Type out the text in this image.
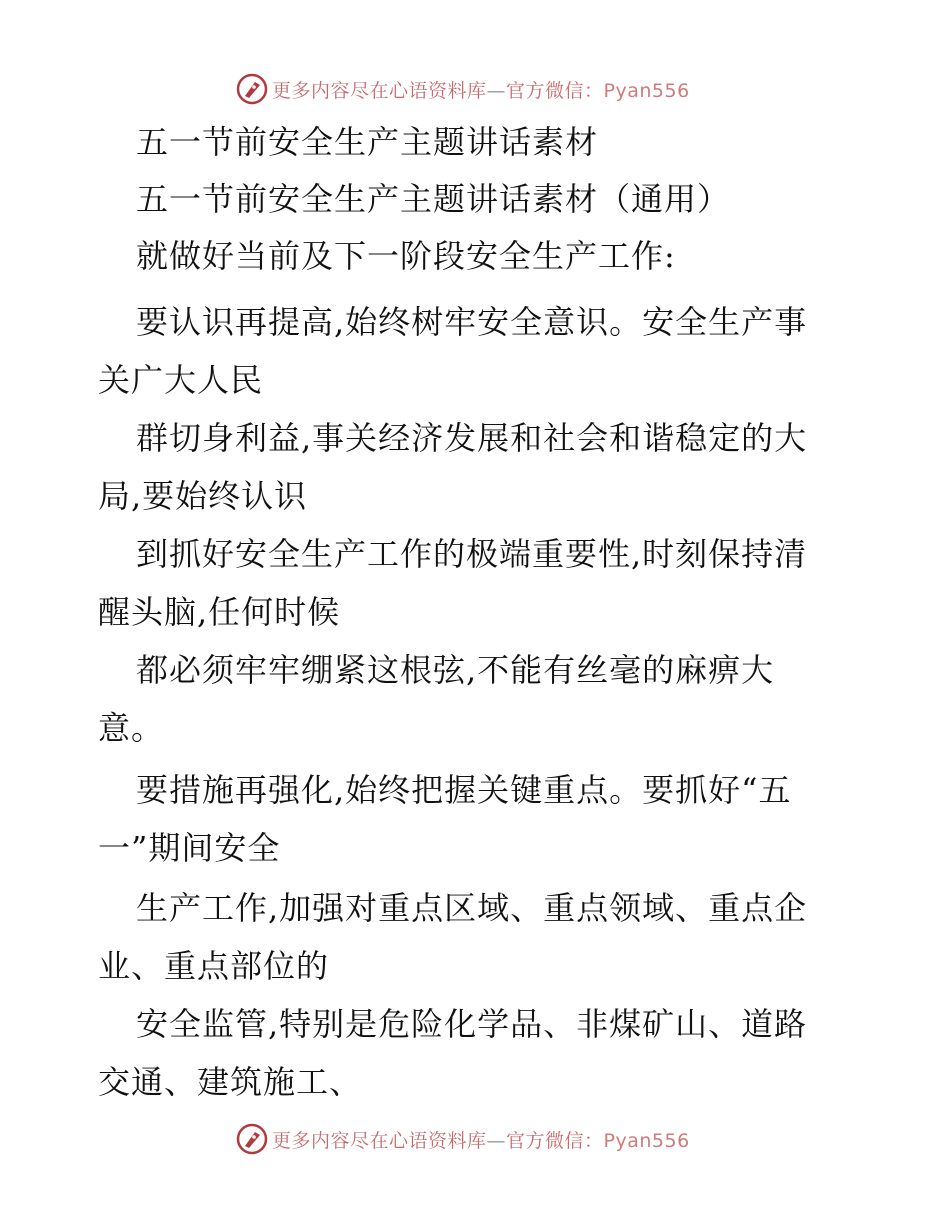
更多内容尽在心语资料库—官方微信：Pyan556
五一节前安全生产主题讲话素材
五一节前安全生产主题讲话素材（通用）
就做好当前及下一阶段安全生产工作:
要认识再提高,始终树牢安全意识。安全生产事
关广大人民
群切身利益,事关经济发展和社会和谐稳定的大
局,要始终认识
到抓好安全生产工作的极端重要性,时刻保持清
醒头脑,任何时候
都必须牢牢绷紧这根弦,不能有丝毫的麻痹大
意。
要措施再强化,始终把握关键重点。要抓好“五
一”期间安全
生产工作,加强对重点区域、重点领域、重点企
业、重点部位的
安全监管,特别是危险化学品、非煤矿山、道路
交通、建筑施工、
更多内容尽在心语资料库—官方微信：Pyan556
